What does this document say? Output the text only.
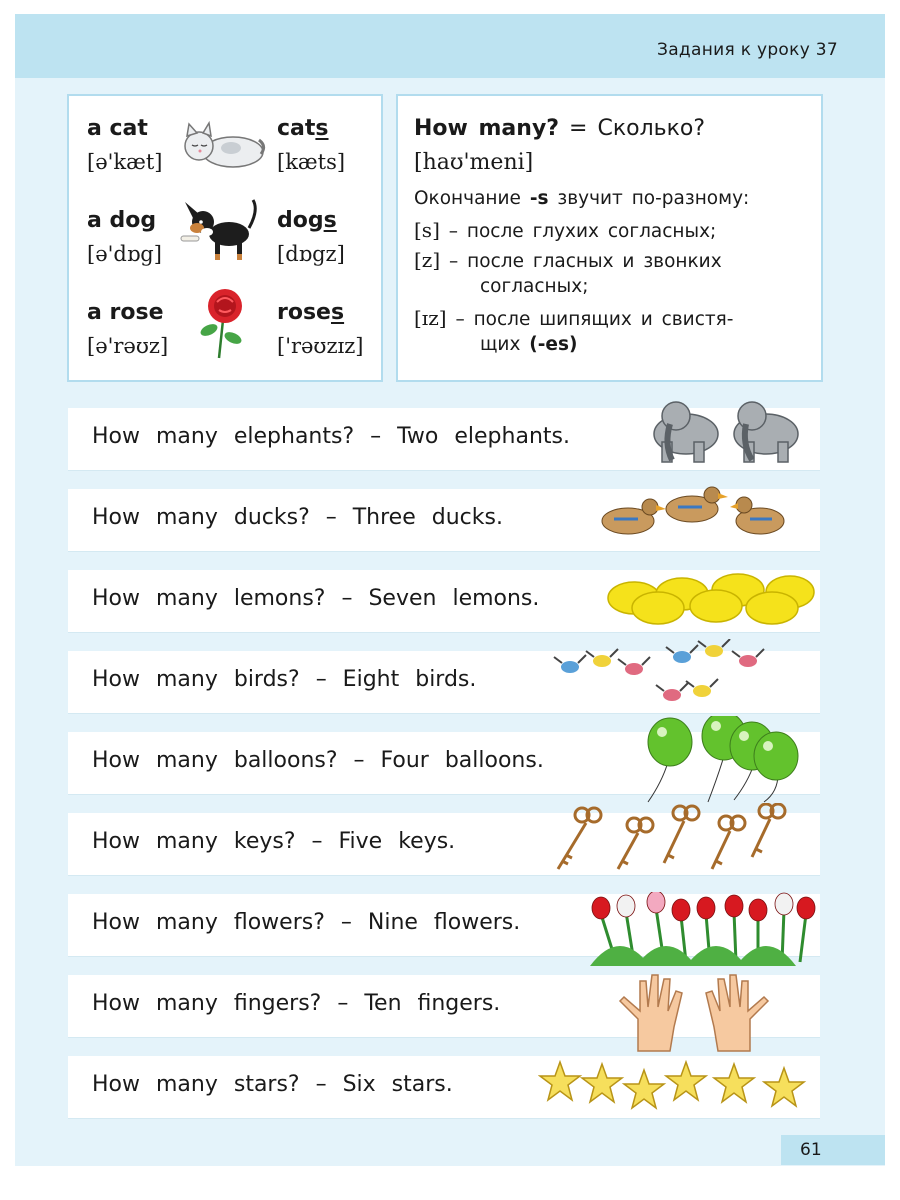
Задания к уроку 37
a cat
[ə'kæt]
cats
[kæts]
a dog
[ə'dɒg]
dogs
[dɒgz]
a rose
[ə'rəʊz]
roses
['rəʊzɪz]
How many? = Сколько?
[haʊ'meni]
Окончание -s звучит по-разному:
[s] – после глухих согласных;
[z] – после гласных и звонких
согласных;
[ɪz] – после шипящих и свистя-
щих (-es)
How many elephants? – Two elephants.
How many ducks? – Three ducks.
How many lemons? – Seven lemons.
How many birds? – Eight birds.
How many balloons? – Four balloons.
How many keys? – Five keys.
How many flowers? – Nine flowers.
How many fingers? – Ten fingers.
How many stars? – Six stars.
61
